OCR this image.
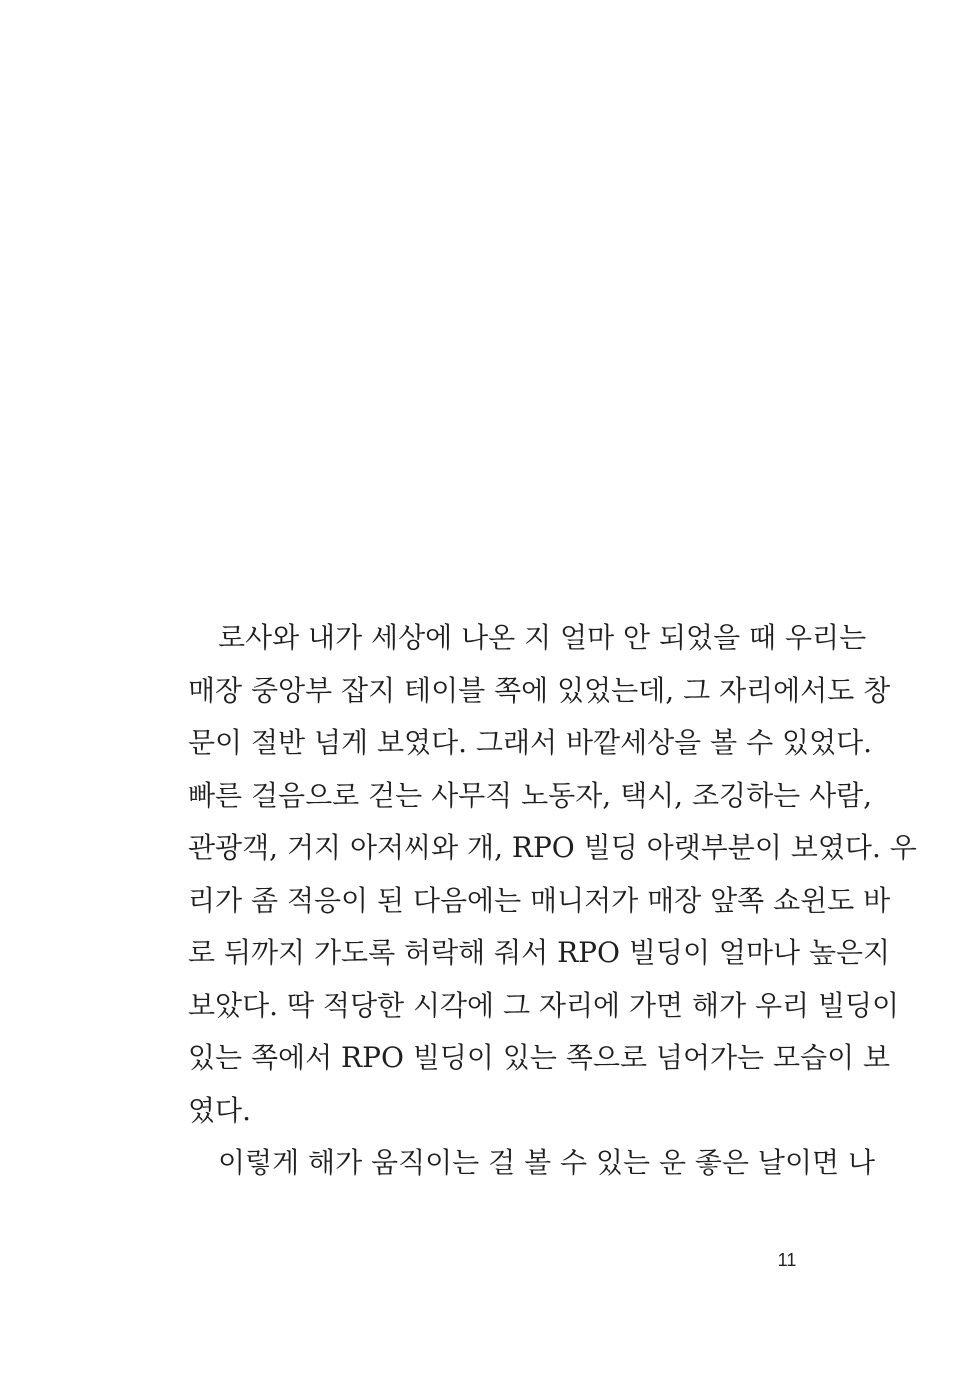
로사와 내가 세상에 나온 지 얼마 안 되었을 때 우리는
매장 중앙부 잡지 테이블 쪽에 있었는데, 그 자리에서도 창
문이 절반 넘게 보였다. 그래서 바깥세상을 볼 수 있었다.
빠른 걸음으로 걷는 사무직 노동자, 택시, 조깅하는 사람,
관광객, 거지 아저씨와 개, RPO 빌딩 아랫부분이 보였다. 우
리가 좀 적응이 된 다음에는 매니저가 매장 앞쪽 쇼윈도 바
로 뒤까지 가도록 허락해 줘서 RPO 빌딩이 얼마나 높은지
보았다. 딱 적당한 시각에 그 자리에 가면 해가 우리 빌딩이
있는 쪽에서 RPO 빌딩이 있는 쪽으로 넘어가는 모습이 보
였다.
이렇게 해가 움직이는 걸 볼 수 있는 운 좋은 날이면 나
11
